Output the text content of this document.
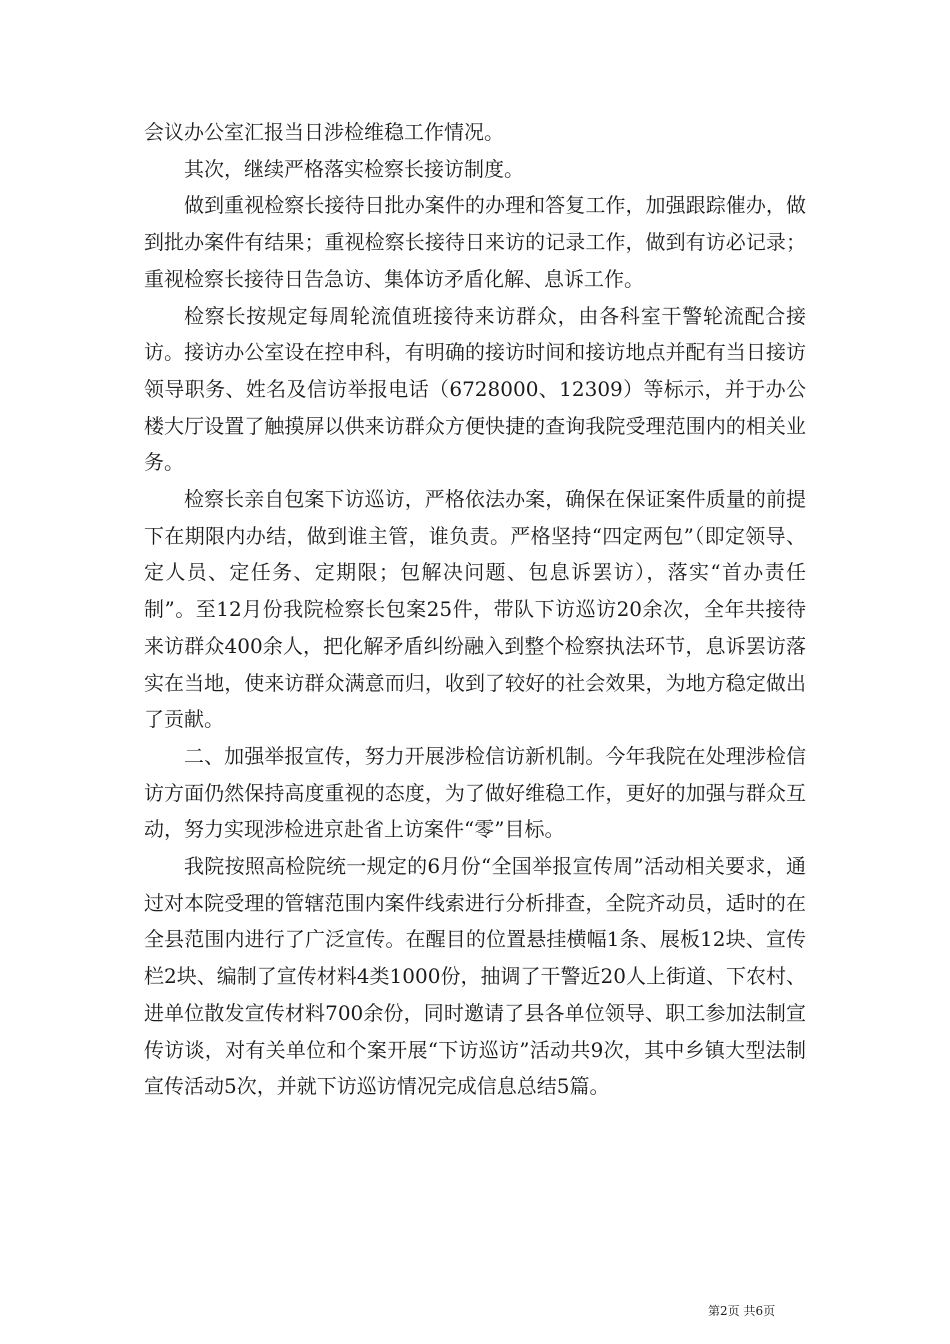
会议办公室汇报当日涉检维稳工作情况。

其次，继续严格落实检察长接访制度。

做到重视检察长接待日批办案件的办理和答复工作，加强跟踪催办，做到批办案件有结果；重视检察长接待日来访的记录工作，做到有访必记录；重视检察长接待日告急访、集体访矛盾化解、息诉工作。

检察长按规定每周轮流值班接待来访群众，由各科室干警轮流配合接访。接访办公室设在控申科，有明确的接访时间和接访地点并配有当日接访领导职务、姓名及信访举报电话（6728000、12309）等标示，并于办公楼大厅设置了触摸屏以供来访群众方便快捷的查询我院受理范围内的相关业务。

检察长亲自包案下访巡访，严格依法办案，确保在保证案件质量的前提下在期限内办结，做到谁主管，谁负责。严格坚持“四定两包”（即定领导、定人员、定任务、定期限；包解决问题、包息诉罢访），落实“首办责任制”。至12月份我院检察长包案25件，带队下访巡访20余次，全年共接待来访群众400余人，把化解矛盾纠纷融入到整个检察执法环节，息诉罢访落实在当地，使来访群众满意而归，收到了较好的社会效果，为地方稳定做出了贡献。

二、加强举报宣传，努力开展涉检信访新机制。今年我院在处理涉检信访方面仍然保持高度重视的态度，为了做好维稳工作，更好的加强与群众互动，努力实现涉检进京赴省上访案件“零”目标。

我院按照高检院统一规定的6月份“全国举报宣传周”活动相关要求，通过对本院受理的管辖范围内案件线索进行分析排查，全院齐动员，适时的在全县范围内进行了广泛宣传。在醒目的位置悬挂横幅1条、展板12块、宣传栏2块、编制了宣传材料4类1000份，抽调了干警近20人上街道、下农村、进单位散发宣传材料700余份，同时邀请了县各单位领导、职工参加法制宣传访谈，对有关单位和个案开展“下访巡访”活动共9次，其中乡镇大型法制宣传活动5次，并就下访巡访情况完成信息总结5篇。

第2页 共6页
